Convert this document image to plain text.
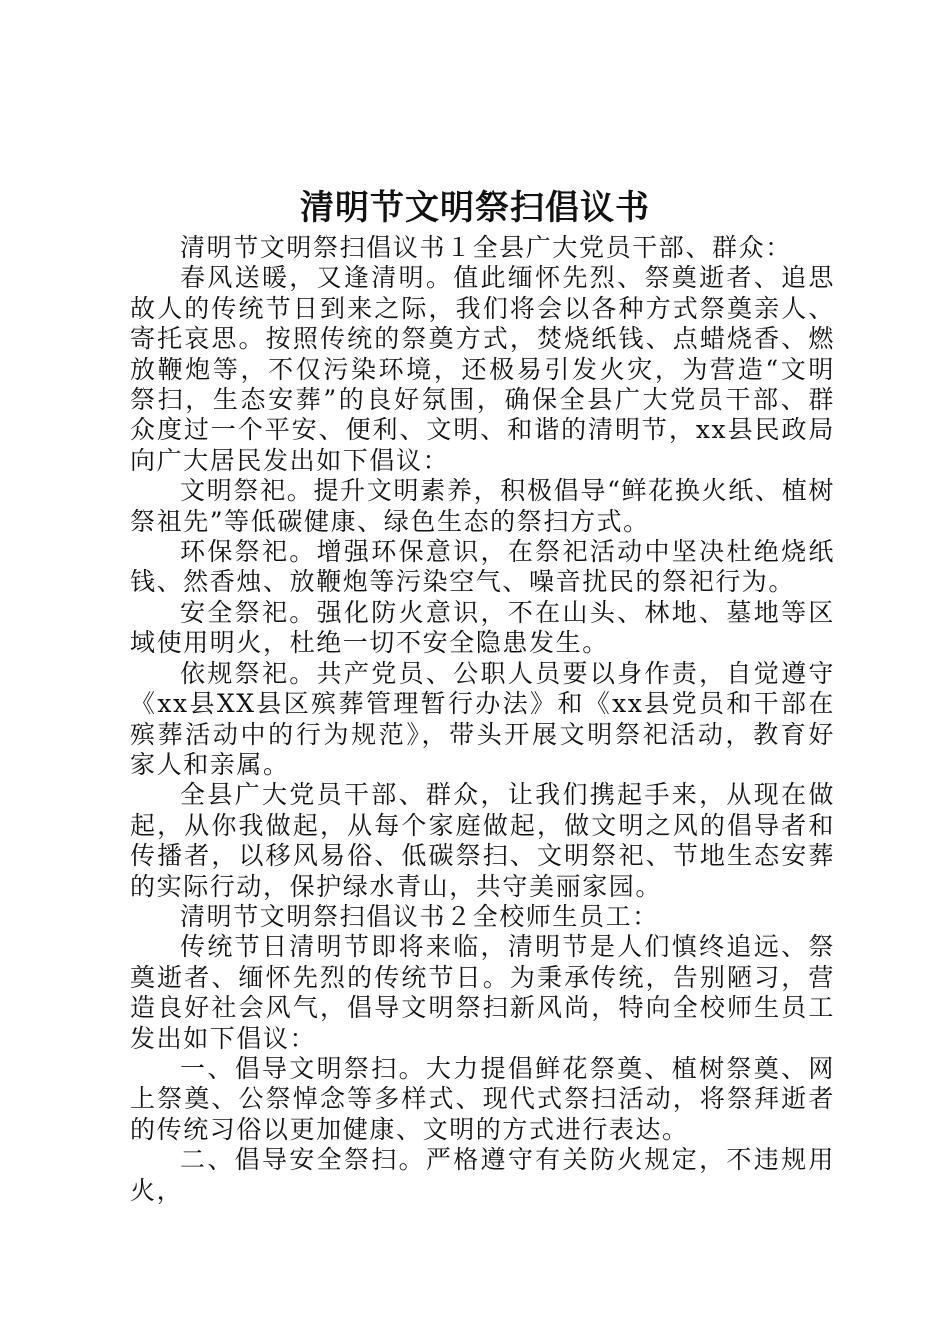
清明节文明祭扫倡议书

清明节文明祭扫倡议书１全县广大党员干部、群众：

春风送暖，又逢清明。值此缅怀先烈、祭奠逝者、追思故人的传统节日到来之际，我们将会以各种方式祭奠亲人、寄托哀思。按照传统的祭奠方式，焚烧纸钱、点蜡烧香、燃放鞭炮等，不仅污染环境，还极易引发火灾，为营造“文明祭扫，生态安葬”的良好氛围，确保全县广大党员干部、群众度过一个平安、便利、文明、和谐的清明节，xx县民政局向广大居民发出如下倡议：

文明祭祀。提升文明素养，积极倡导“鲜花换火纸、植树祭祖先”等低碳健康、绿色生态的祭扫方式。

环保祭祀。增强环保意识，在祭祀活动中坚决杜绝烧纸钱、然香烛、放鞭炮等污染空气、噪音扰民的祭祀行为。

安全祭祀。强化防火意识，不在山头、林地、墓地等区域使用明火，杜绝一切不安全隐患发生。

依规祭祀。共产党员、公职人员要以身作责，自觉遵守《xx县XX县区殡葬管理暂行办法》和《xx县党员和干部在殡葬活动中的行为规范》，带头开展文明祭祀活动，教育好家人和亲属。

全县广大党员干部、群众，让我们携起手来，从现在做起，从你我做起，从每个家庭做起，做文明之风的倡导者和传播者，以移风易俗、低碳祭扫、文明祭祀、节地生态安葬的实际行动，保护绿水青山，共守美丽家园。

清明节文明祭扫倡议书２全校师生员工：

传统节日清明节即将来临，清明节是人们慎终追远、祭奠逝者、缅怀先烈的传统节日。为秉承传统，告别陋习，营造良好社会风气，倡导文明祭扫新风尚，特向全校师生员工发出如下倡议：

一、倡导文明祭扫。大力提倡鲜花祭奠、植树祭奠、网上祭奠、公祭悼念等多样式、现代式祭扫活动，将祭拜逝者的传统习俗以更加健康、文明的方式进行表达。

二、倡导安全祭扫。严格遵守有关防火规定，不违规用火，
